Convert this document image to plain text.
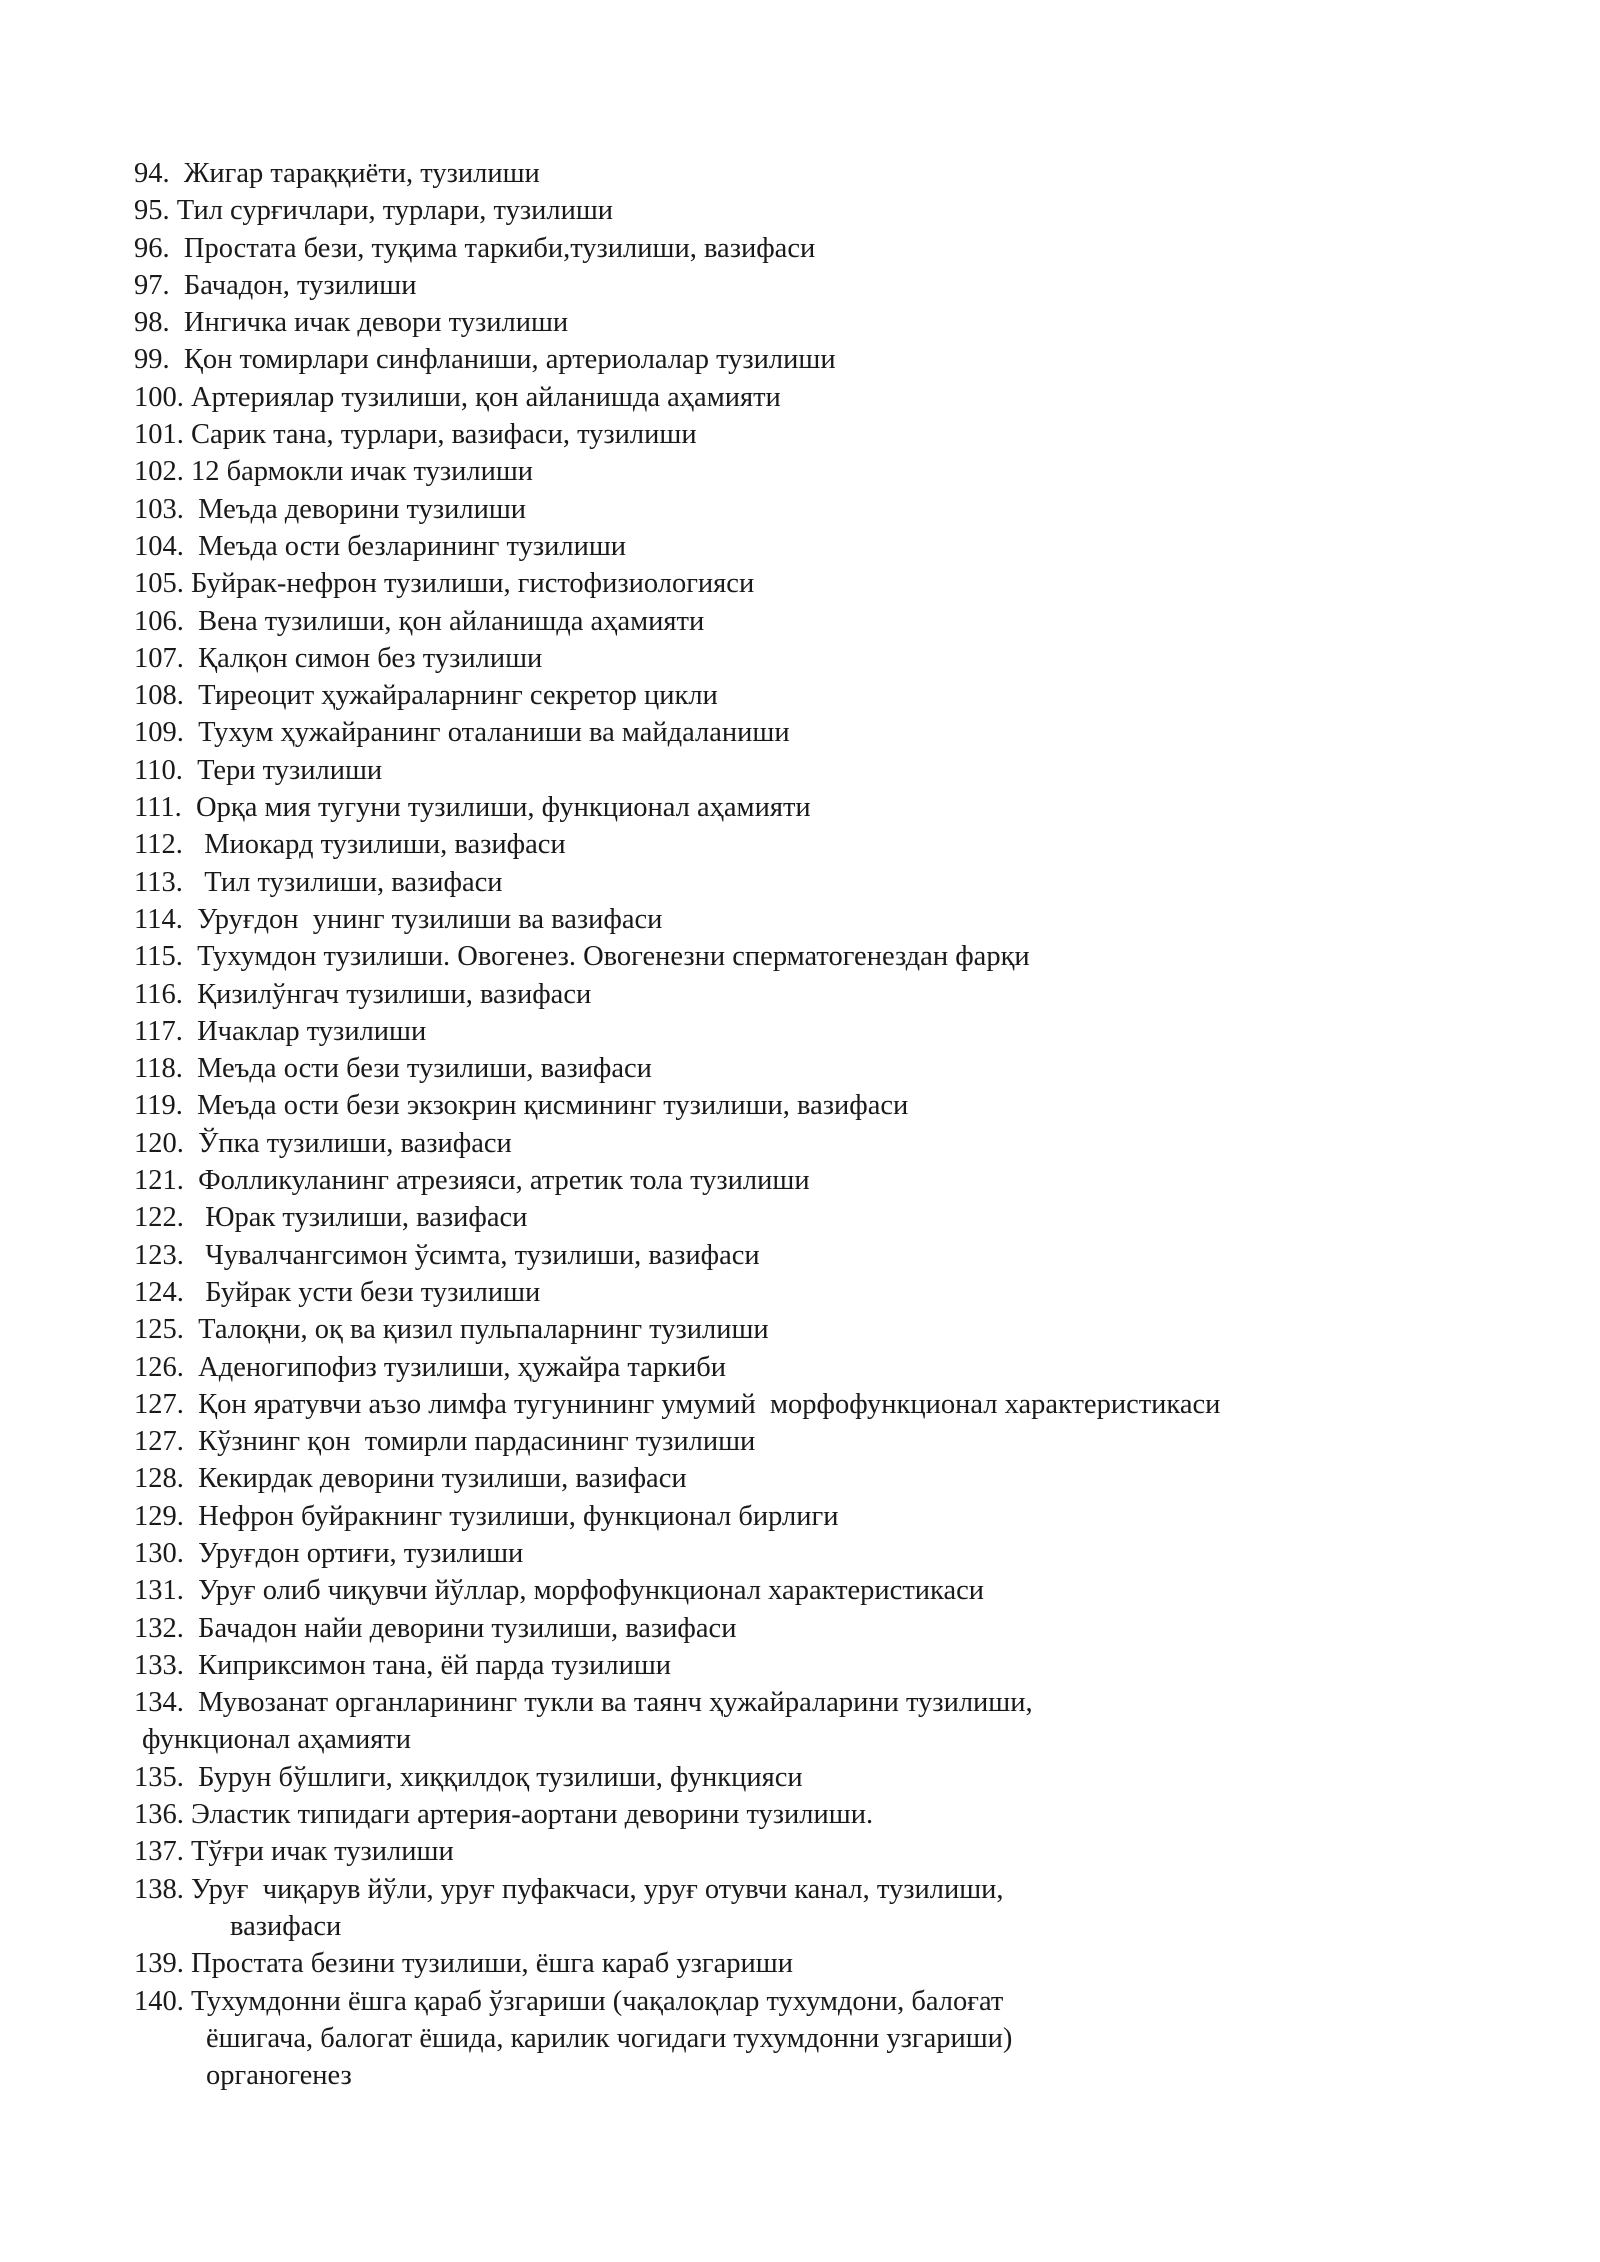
94.  Жигар тараққиёти, тузилиши
95. Тил сурғичлари, турлари, тузилиши
96.  Простата бези, туқима таркиби,тузилиши, вазифаси
97.  Бачадон, тузилиши
98.  Ингичка ичак девори тузилиши
99.  Қон томирлари синфланиши, артериолалар тузилиши
100. Артериялар тузилиши, қон айланишда аҳамияти
101. Сарик тана, турлари, вазифаси, тузилиши
102. 12 бармокли ичак тузилиши
103.  Меъда деворини тузилиши
104.  Меъда ости безларининг тузилиши
105. Буйрак-нефрон тузилиши, гистофизиологияси
106.  Вена тузилиши, қон айланишда аҳамияти
107.  Қалқон симон без тузилиши
108.  Тиреоцит ҳужайраларнинг секретор цикли
109.  Тухум ҳужайранинг оталаниши ва майдаланиши
110.  Тери тузилиши
111.  Орқа мия тугуни тузилиши, функционал аҳамияти
112.   Миокард тузилиши, вазифаси
113.   Тил тузилиши, вазифаси
114.  Уруғдон  унинг тузилиши ва вазифаси
115.  Тухумдон тузилиши. Овогенез. Овогенезни сперматогенездан фарқи
116.  Қизилўнгач тузилиши, вазифаси
117.  Ичаклар тузилиши
118.  Меъда ости бези тузилиши, вазифаси
119.  Меъда ости бези экзокрин қисмининг тузилиши, вазифаси
120.  Ўпка тузилиши, вазифаси
121.  Фолликуланинг атрезияси, атретик тола тузилиши
122.   Юрак тузилиши, вазифаси
123.   Чувалчангсимон ўсимта, тузилиши, вазифаси
124.   Буйрак усти бези тузилиши
125.  Талоқни, оқ ва қизил пульпаларнинг тузилиши
126.  Аденогипофиз тузилиши, ҳужайра таркиби
127.  Қон яратувчи аъзо лимфа тугунининг умумий  морфофункционал характеристикаси
127.  Кўзнинг қон  томирли пардасининг тузилиши
128.  Кекирдак деворини тузилиши, вазифаси
129.  Нефрон буйракнинг тузилиши, функционал бирлиги
130.  Уруғдон ортиғи, тузилиши
131.  Уруғ олиб чиқувчи йўллар, морфофункционал характеристикаси
132.  Бачадон найи деворини тузилиши, вазифаси
133.  Киприксимон тана, ёй парда тузилиши
134.  Мувозанат органларининг тукли ва таянч ҳужайраларини тузилиши,
функционал аҳамияти
135.  Бурун бўшлиги, хиққилдоқ тузилиши, функцияси
136. Эластик типидаги артерия-аортани деворини тузилиши.
137. Тўғри ичак тузилиши
138. Уруғ  чиқарув йўли, уруғ пуфакчаси, уруғ отувчи канал, тузилиши,
вазифаси
139. Простата безини тузилиши, ёшга караб узгариши
140. Тухумдонни ёшга қараб ўзгариши (чақалоқлар тухумдони, балоғат
ёшигача, балогат ёшида, карилик чогидаги тухумдонни узгариши)
органогенез
